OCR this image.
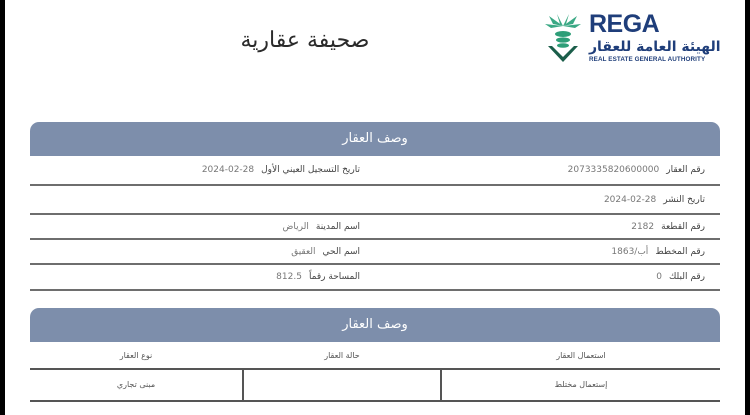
صحيفة عقارية
REGA
الهيئة العامة للعقار
REAL ESTATE GENERAL AUTHORITY
وصف العقار
رقم العقار
2073335820600000
تاريخ التسجيل العيني الأول
2024-02-28
تاريخ النشر
2024-02-28
رقم القطعة
2182
اسم المدينة
الرياض
رقم المخطط
أب/1863
اسم الحي
العقيق
رقم البلك
0
المساحة رقماً
812.5
وصف العقار
استعمال العقار
حالة العقار
نوع العقار
إستعمال مختلط
مبنى تجاري
